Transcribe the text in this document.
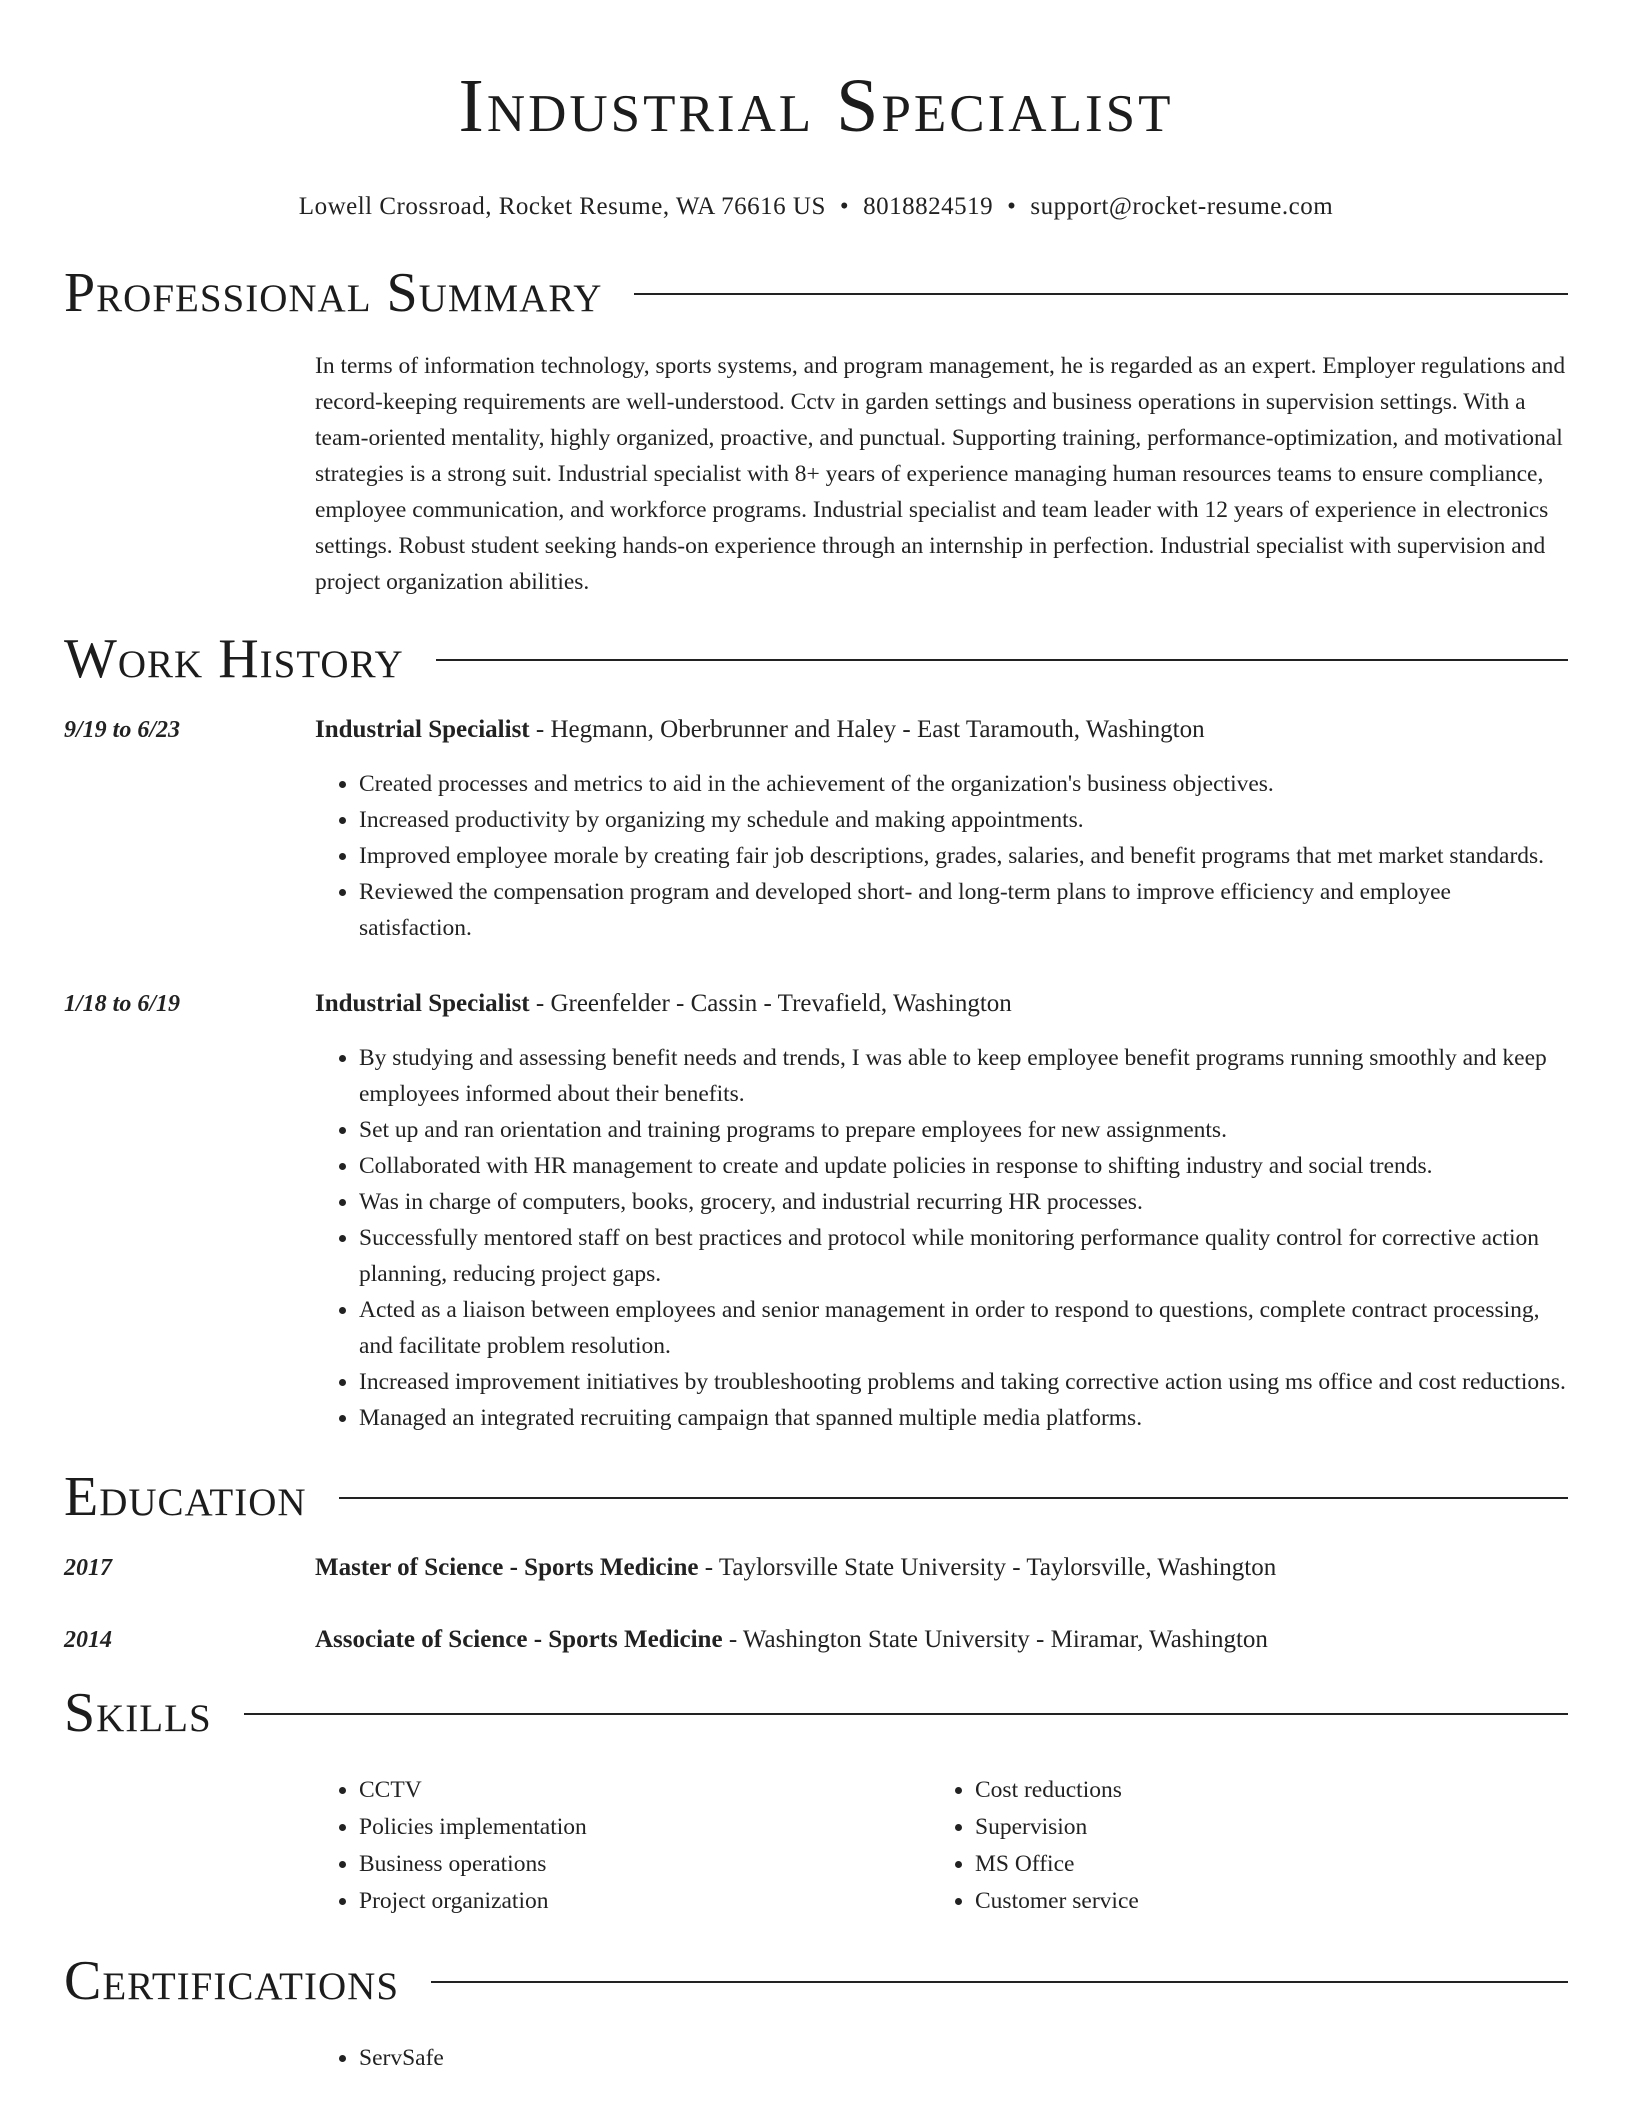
Industrial Specialist
Lowell Crossroad, Rocket Resume, WA 76616 US • 8018824519 • support@rocket-resume.com
Professional Summary
In terms of information technology, sports systems, and program management, he is regarded as an expert. Employer regulations and record-keeping requirements are well-understood. Cctv in garden settings and business operations in supervision settings. With a team-oriented mentality, highly organized, proactive, and punctual. Supporting training, performance-optimization, and motivational strategies is a strong suit. Industrial specialist with 8+ years of experience managing human resources teams to ensure compliance, employee communication, and workforce programs. Industrial specialist and team leader with 12 years of experience in electronics settings. Robust student seeking hands-on experience through an internship in perfection. Industrial specialist with supervision and project organization abilities.
Work History
9/19 to 6/23	Industrial Specialist - Hegmann, Oberbrunner and Haley - East Taramouth, Washington
• Created processes and metrics to aid in the achievement of the organization's business objectives.
• Increased productivity by organizing my schedule and making appointments.
• Improved employee morale by creating fair job descriptions, grades, salaries, and benefit programs that met market standards.
• Reviewed the compensation program and developed short- and long-term plans to improve efficiency and employee satisfaction.
1/18 to 6/19	Industrial Specialist - Greenfelder - Cassin - Trevafield, Washington
• By studying and assessing benefit needs and trends, I was able to keep employee benefit programs running smoothly and keep employees informed about their benefits.
• Set up and ran orientation and training programs to prepare employees for new assignments.
• Collaborated with HR management to create and update policies in response to shifting industry and social trends.
• Was in charge of computers, books, grocery, and industrial recurring HR processes.
• Successfully mentored staff on best practices and protocol while monitoring performance quality control for corrective action planning, reducing project gaps.
• Acted as a liaison between employees and senior management in order to respond to questions, complete contract processing, and facilitate problem resolution.
• Increased improvement initiatives by troubleshooting problems and taking corrective action using ms office and cost reductions.
• Managed an integrated recruiting campaign that spanned multiple media platforms.
Education
2017	Master of Science - Sports Medicine - Taylorsville State University - Taylorsville, Washington
2014	Associate of Science - Sports Medicine - Washington State University - Miramar, Washington
Skills
• CCTV
• Policies implementation
• Business operations
• Project organization
• Cost reductions
• Supervision
• MS Office
• Customer service
Certifications
• ServSafe
